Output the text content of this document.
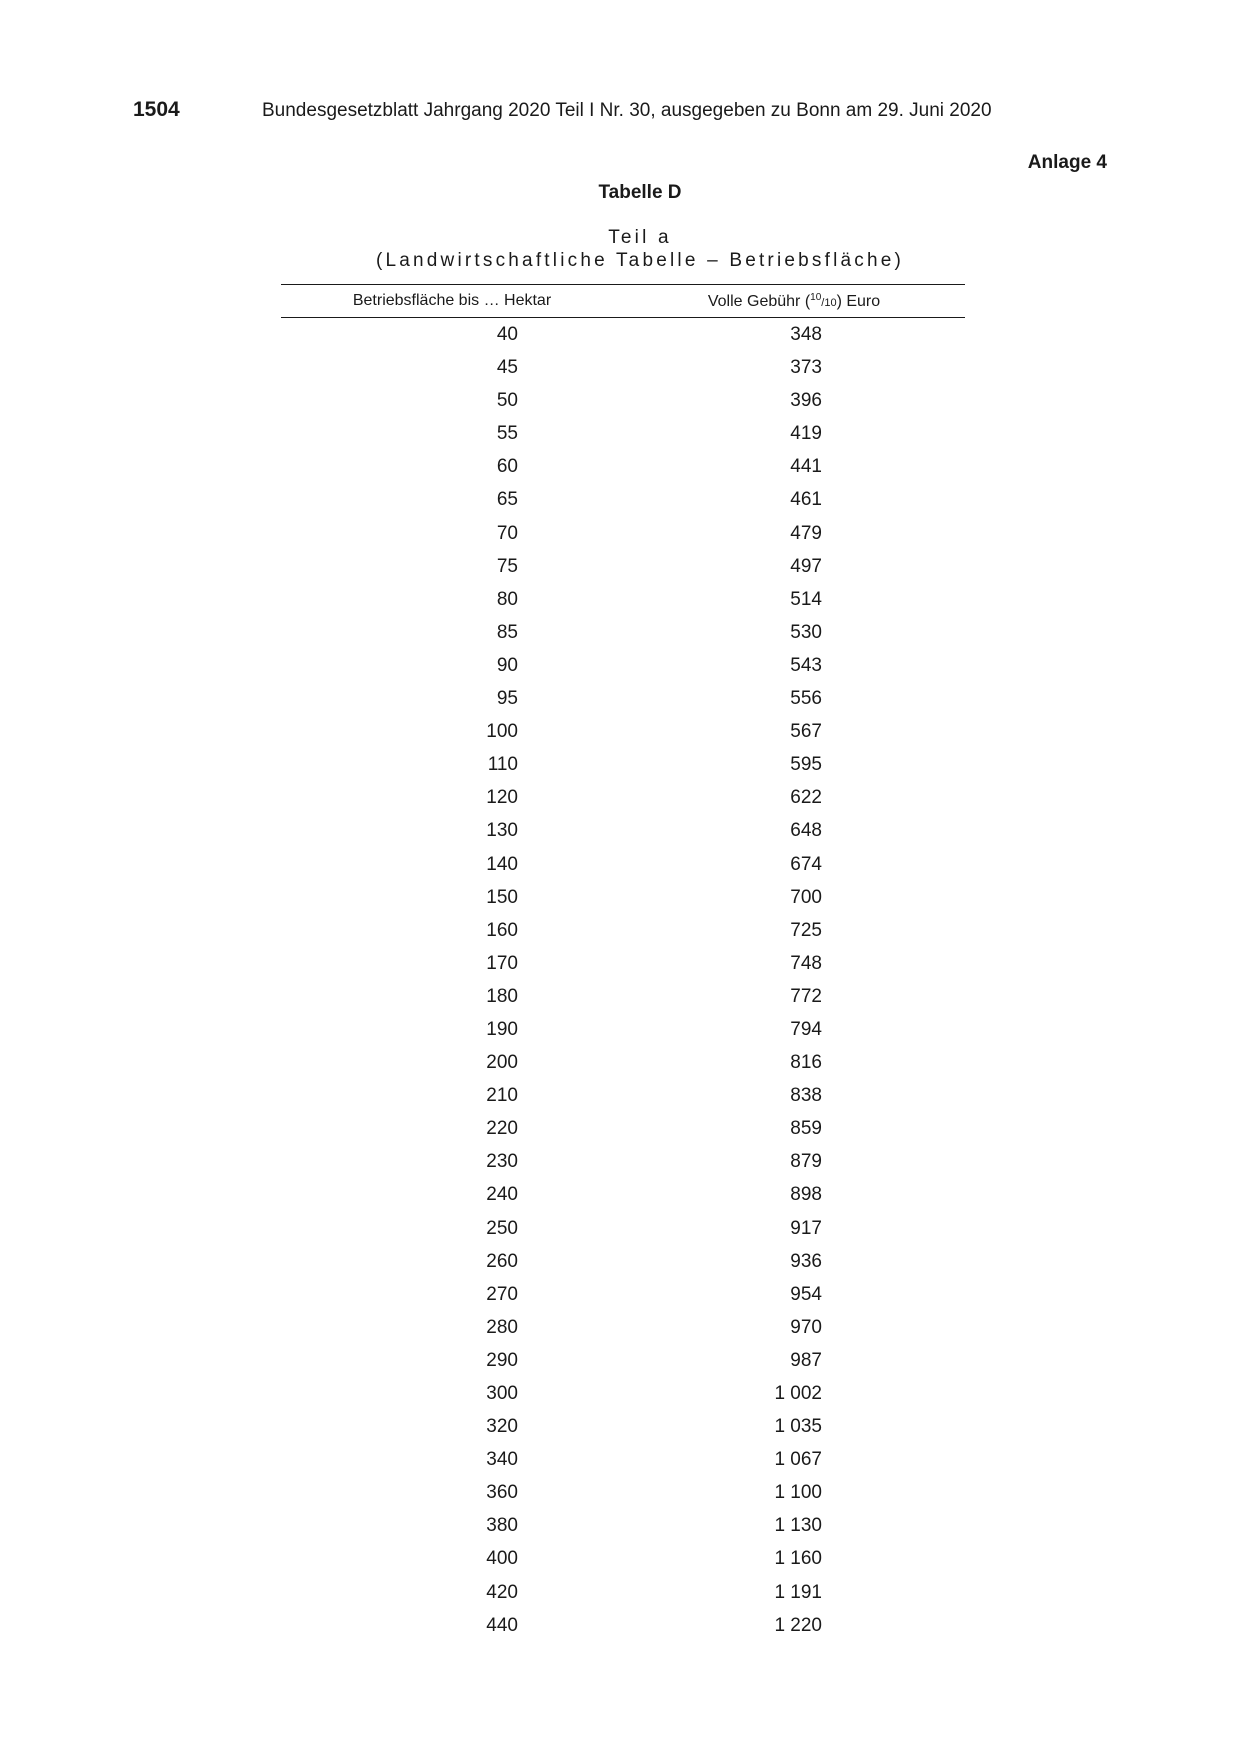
1504	Bundesgesetzblatt Jahrgang 2020 Teil I Nr. 30, ausgegeben zu Bonn am 29. Juni 2020
Anlage 4
Tabelle D
Teil a
(Landwirtschaftliche Tabelle – Betriebsfläche)
Betriebsfläche bis … Hektar	Volle Gebühr ($^{10}$/10) Euro
40	348
45	373
50	396
55	419
60	441
65	461
70	479
75	497
80	514
85	530
90	543
95	556
100	567
110	595
120	622
130	648
140	674
150	700
160	725
170	748
180	772
190	794
200	816
210	838
220	859
230	879
240	898
250	917
260	936
270	954
280	970
290	987
300	1 002
320	1 035
340	1 067
360	1 100
380	1 130
400	1 160
420	1 191
440	1 220
